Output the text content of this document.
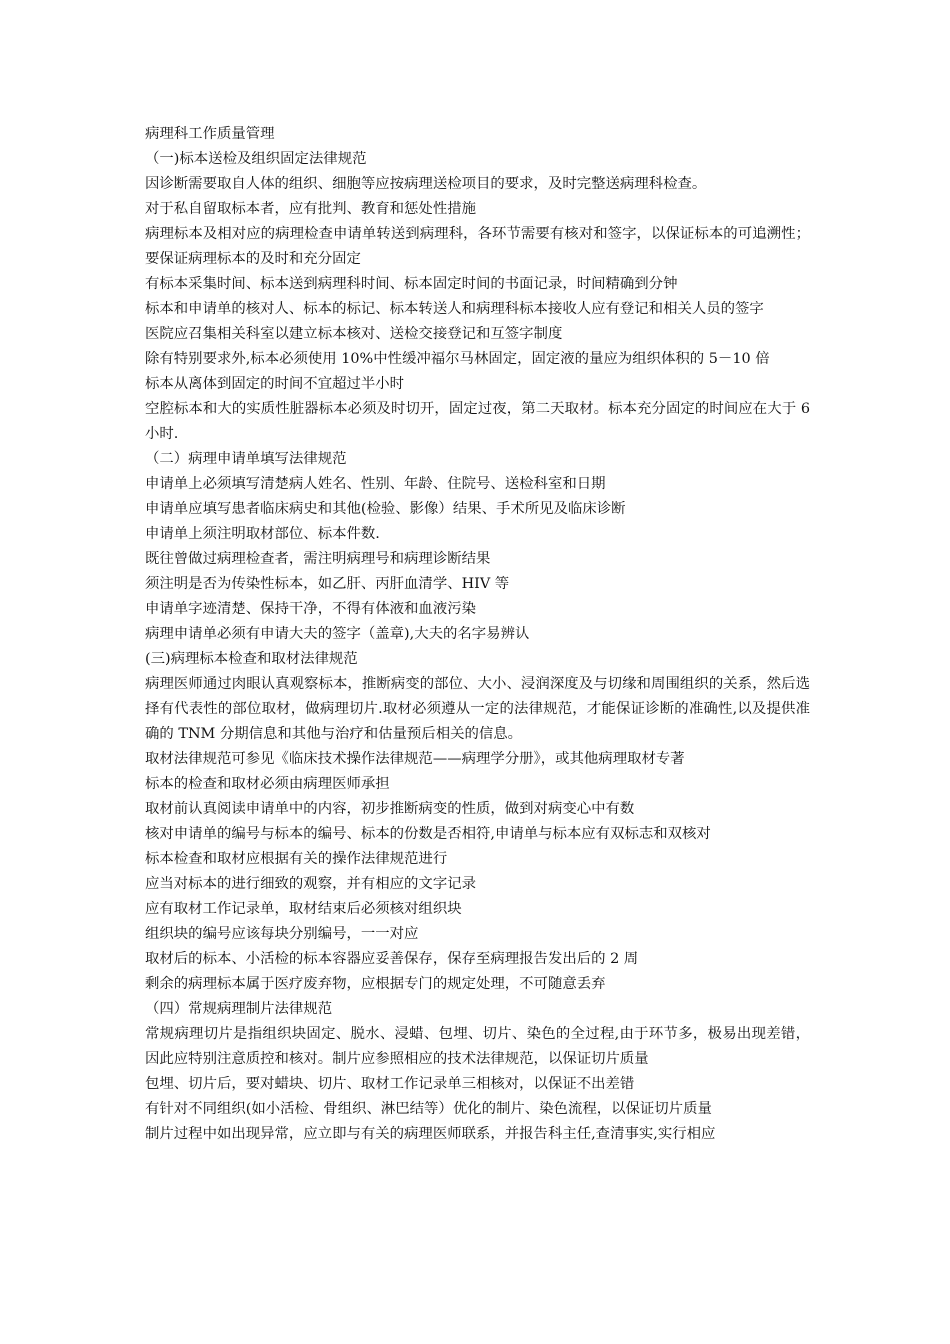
病理科工作质量管理

（一)标本送检及组织固定法律规范

因诊断需要取自人体的组织、细胞等应按病理送检项目的要求，及时完整送病理科检查。

对于私自留取标本者，应有批判、教育和惩处性措施

病理标本及相对应的病理检查申请单转送到病理科，各环节需要有核对和签字，以保证标本的可追溯性；要保证病理标本的及时和充分固定

有标本采集时间、标本送到病理科时间、标本固定时间的书面记录，时间精确到分钟

标本和申请单的核对人、标本的标记、标本转送人和病理科标本接收人应有登记和相关人员的签字

医院应召集相关科室以建立标本核对、送检交接登记和互签字制度

除有特别要求外,标本必须使用 10%中性缓冲福尔马林固定，固定液的量应为组织体积的 5－10 倍

标本从离体到固定的时间不宜超过半小时

空腔标本和大的实质性脏器标本必须及时切开，固定过夜，第二天取材。标本充分固定的时间应在大于 6 小时.

（二）病理申请单填写法律规范

申请单上必须填写清楚病人姓名、性别、年龄、住院号、送检科室和日期

申请单应填写患者临床病史和其他(检验、影像）结果、手术所见及临床诊断

申请单上须注明取材部位、标本件数.

既往曾做过病理检查者，需注明病理号和病理诊断结果

须注明是否为传染性标本，如乙肝、丙肝血清学、HIV 等

申请单字迹清楚、保持干净，不得有体液和血液污染

病理申请单必须有申请大夫的签字（盖章),大夫的名字易辨认

(三)病理标本检查和取材法律规范

病理医师通过肉眼认真观察标本，推断病变的部位、大小、浸润深度及与切缘和周围组织的关系，然后选择有代表性的部位取材，做病理切片.取材必须遵从一定的法律规范，才能保证诊断的准确性,以及提供准确的 TNM 分期信息和其他与治疗和估量预后相关的信息。

取材法律规范可参见《临床技术操作法律规范——病理学分册》，或其他病理取材专著

标本的检查和取材必须由病理医师承担

取材前认真阅读申请单中的内容，初步推断病变的性质，做到对病变心中有数

核对申请单的编号与标本的编号、标本的份数是否相符,申请单与标本应有双标志和双核对

标本检查和取材应根据有关的操作法律规范进行

应当对标本的进行细致的观察，并有相应的文字记录

应有取材工作记录单，取材结束后必须核对组织块

组织块的编号应该每块分别编号，一一对应

取材后的标本、小活检的标本容器应妥善保存，保存至病理报告发出后的 2 周

剩余的病理标本属于医疗废弃物，应根据专门的规定处理，不可随意丢弃

（四）常规病理制片法律规范

常规病理切片是指组织块固定、脱水、浸蜡、包埋、切片、染色的全过程,由于环节多，极易出现差错，因此应特别注意质控和核对。制片应参照相应的技术法律规范，以保证切片质量

包埋、切片后，要对蜡块、切片、取材工作记录单三相核对，以保证不出差错

有针对不同组织(如小活检、骨组织、淋巴结等）优化的制片、染色流程，以保证切片质量

制片过程中如出现异常，应立即与有关的病理医师联系，并报告科主任,查清事实,实行相应
